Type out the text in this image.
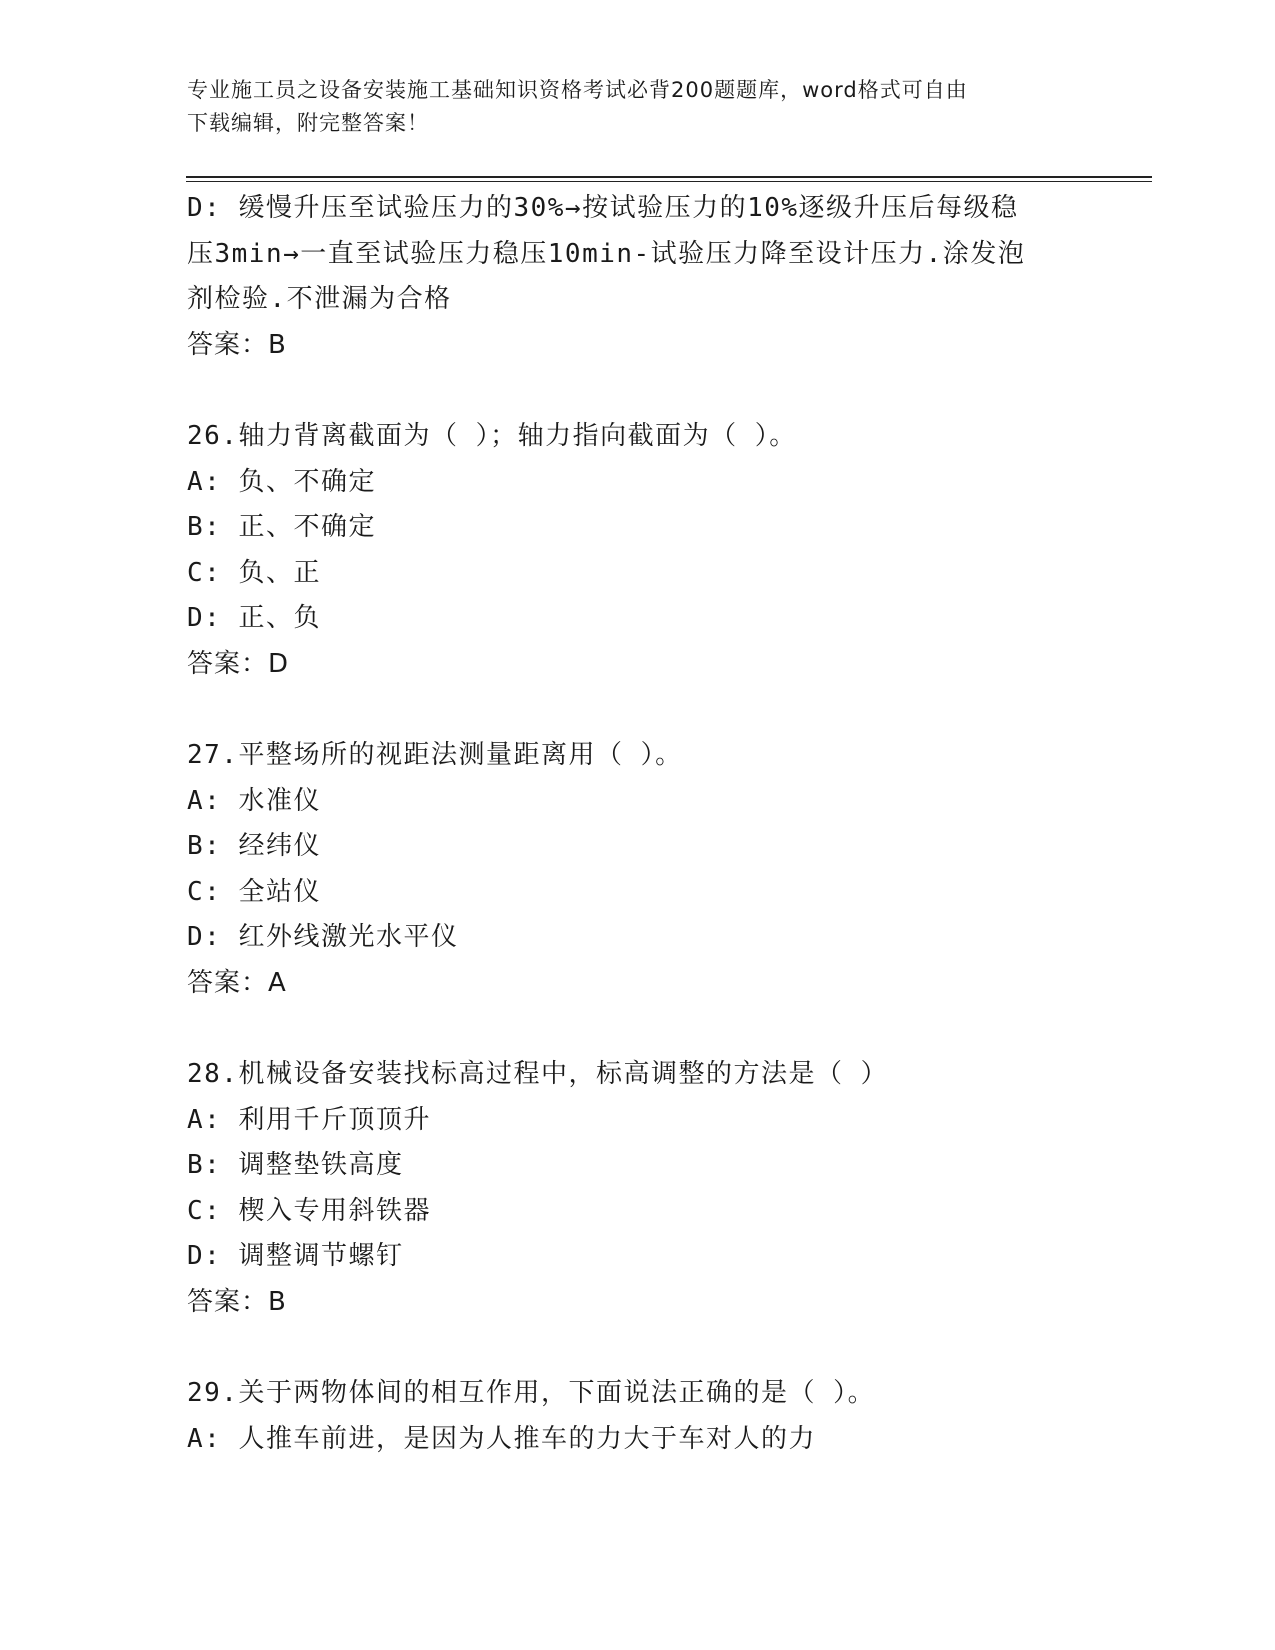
专业施工员之设备安装施工基础知识资格考试必背200题题库，word格式可自由
下载编辑，附完整答案！
D: 缓慢升压至试验压力的30%→按试验压力的10%逐级升压后每级稳
压3min→一直至试验压力稳压10min-试验压力降至设计压力.涂发泡
剂检验.不泄漏为合格
答案：B
26.轴力背离截面为（ ）；轴力指向截面为（ ）。
A: 负、不确定
B: 正、不确定
C: 负、正
D: 正、负
答案：D
27.平整场所的视距法测量距离用（ ）。
A: 水准仪
B: 经纬仪
C: 全站仪
D: 红外线激光水平仪
答案：A
28.机械设备安装找标高过程中，标高调整的方法是（ ）
A: 利用千斤顶顶升
B: 调整垫铁高度
C: 楔入专用斜铁器
D: 调整调节螺钉
答案：B
29.关于两物体间的相互作用，下面说法正确的是（ ）。
A: 人推车前进，是因为人推车的力大于车对人的力
